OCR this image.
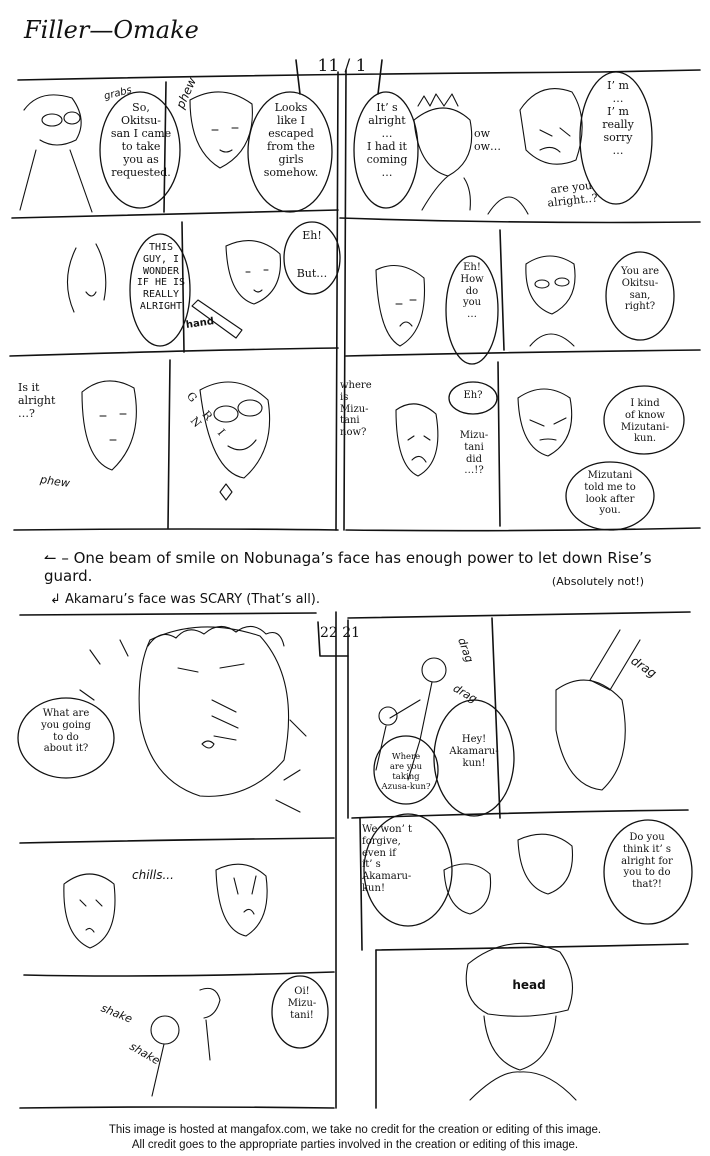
Filler—Omake
11 / 1
22 21
grabs
So,
Okitsu-
san I came
to take
you as
requested.
phew	Looks
like I
escaped
from the
girls
somehow.
It’ s
alright
…
I had it
coming
…
ow
ow…
I’ m
…
I’ m
really
sorry
…
are you
alright..?
THIS
GUY, I
WONDER
IF HE IS
REALLY
ALRIGHT
hand
Eh!
But…	Eh!
How
do
you
…
You are
Okitsu-
san,
right?
Is it
alright
…?	G R I N
phew
where
is
Mizu-
tani
now?
Eh?
Mizu-
tani
did
…!?
I kind
of know
Mizutani-
kun.
Mizutani
told me to
look after
you.
↼ – One beam of smile on Nobunaga’s face has enough power to let down Rise’s guard.	(Absolutely not!)
↲ Akamaru’s face was SCARY (That’s all).
What are
you going
to do
about it?
drag
drag
drag
Hey!
Akamaru-
kun!
Where
are you
taking
Azusa-kun?
chills...
We won’ t
forgive,
even if
it’ s
Akamaru-
kun!
Do you
think it’ s
alright for
you to do
that?!
shake
shake
Oi!
Mizu-
tani!
head
This image is hosted at mangafox.com, we take no credit for the creation or editing of this image.
All credit goes to the appropriate parties involved in the creation or editing of this image.
